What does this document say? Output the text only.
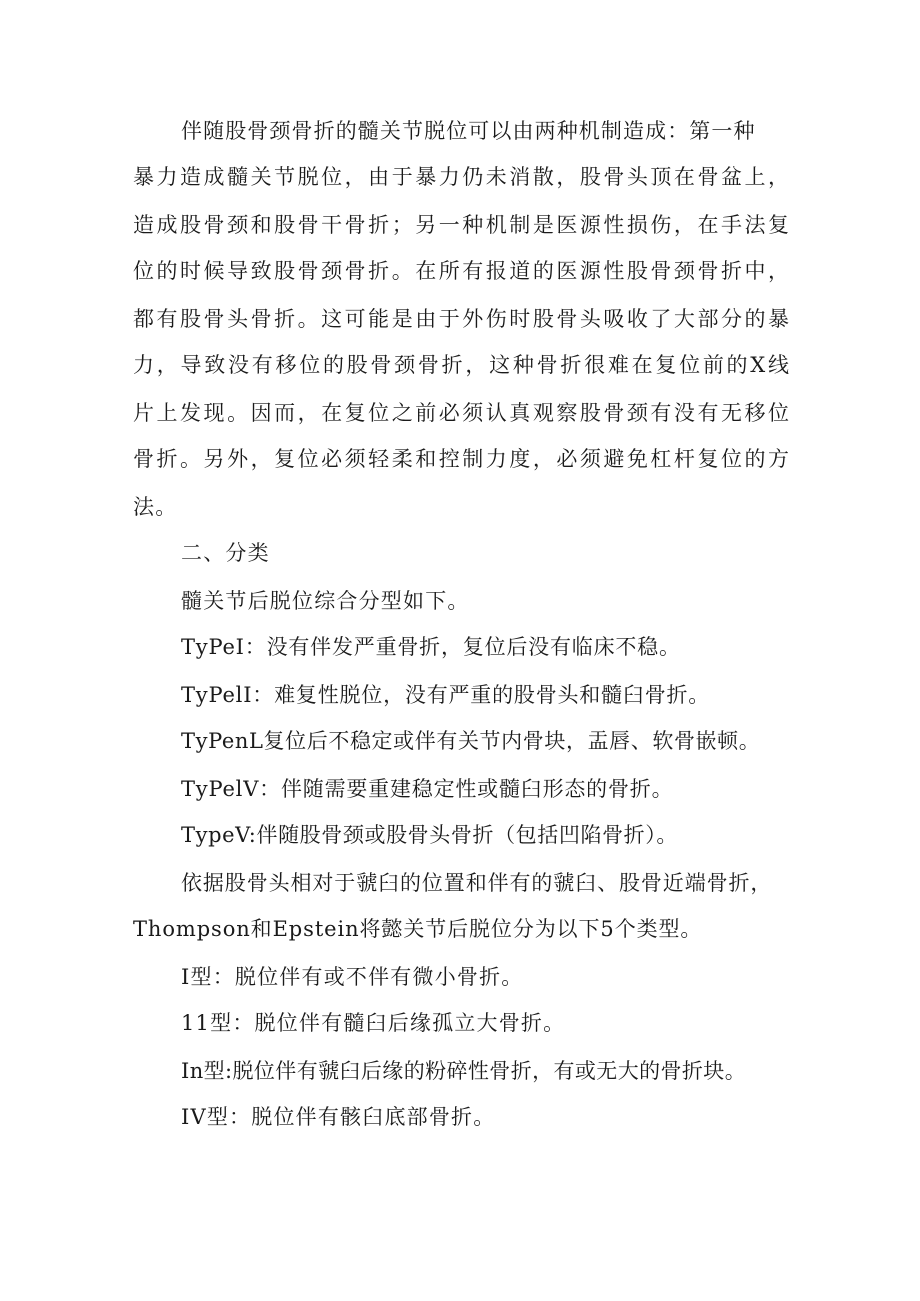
伴随股骨颈骨折的髓关节脱位可以由两种机制造成：第一种

暴力造成髓关节脱位，由于暴力仍未消散，股骨头顶在骨盆上，

造成股骨颈和股骨干骨折；另一种机制是医源性损伤，在手法复

位的时候导致股骨颈骨折。在所有报道的医源性股骨颈骨折中，

都有股骨头骨折。这可能是由于外伤时股骨头吸收了大部分的暴

力，导致没有移位的股骨颈骨折，这种骨折很难在复位前的X线

片上发现。因而，在复位之前必须认真观察股骨颈有没有无移位

骨折。另外，复位必须轻柔和控制力度，必须避免杠杆复位的方

法。

二、分类

髓关节后脱位综合分型如下。

TyPeI：没有伴发严重骨折，复位后没有临床不稳。

TyPelI：难复性脱位，没有严重的股骨头和髓臼骨折。

TyPenL复位后不稳定或伴有关节内骨块，盂唇、软骨嵌顿。

TyPelV：伴随需要重建稳定性或髓臼形态的骨折。

TypeV:伴随股骨颈或股骨头骨折（包括凹陷骨折）。

依据股骨头相对于虢臼的位置和伴有的虢臼、股骨近端骨折，

Thompson和Epstein将懿关节后脱位分为以下5个类型。

I型：脱位伴有或不伴有微小骨折。

11型：脱位伴有髓臼后缘孤立大骨折。

In型:脱位伴有虢臼后缘的粉碎性骨折，有或无大的骨折块。

IV型：脱位伴有骸臼底部骨折。
